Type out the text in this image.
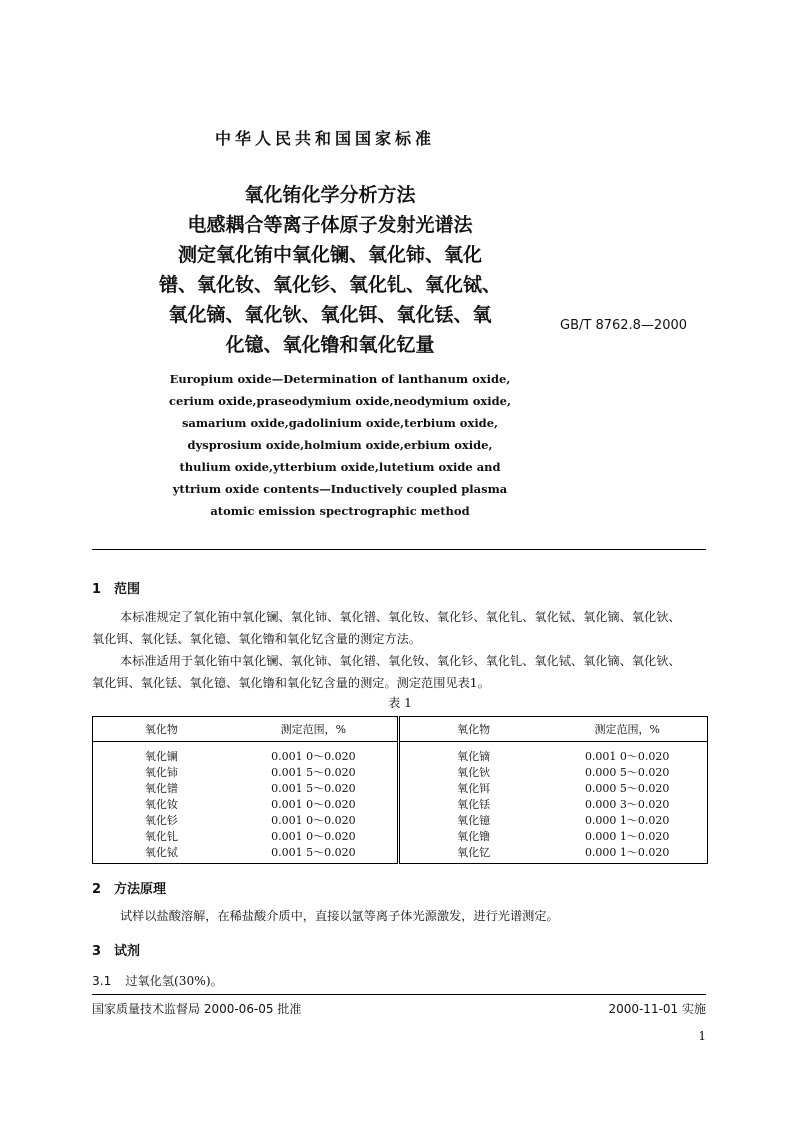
中华人民共和国国家标准
氧化铕化学分析方法
电感耦合等离子体原子发射光谱法
测定氧化铕中氧化镧、氧化铈、氧化
镨、氧化钕、氧化钐、氧化钆、氧化铽、
氧化镝、氧化钬、氧化铒、氧化铥、氧
化镱、氧化镥和氧化钇量
GB/T 8762.8—2000
Europium oxide—Determination of lanthanum oxide,
cerium oxide,praseodymium oxide,neodymium oxide,
samarium oxide,gadolinium oxide,terbium oxide,
dysprosium oxide,holmium oxide,erbium oxide,
thulium oxide,ytterbium oxide,lutetium oxide and
yttrium oxide contents—Inductively coupled plasma
atomic emission spectrographic method
1　范围
本标准规定了氧化铕中氧化镧、氧化铈、氧化镨、氧化钕、氧化钐、氧化钆、氧化铽、氧化镝、氧化钬、
氧化铒、氧化铥、氧化镱、氧化镥和氧化钇含量的测定方法。
本标准适用于氧化铕中氧化镧、氧化铈、氧化镨、氧化钕、氧化钐、氧化钆、氧化铽、氧化镝、氧化钬、
氧化铒、氧化铥、氧化镱、氧化镥和氧化钇含量的测定。测定范围见表1。
表 1
氧化物	测定范围，%
氧化镧	0.001 0～0.020
氧化铈	0.001 5～0.020
氧化镨	0.001 5～0.020
氧化钕	0.001 0～0.020
氧化钐	0.001 0～0.020
氧化钆	0.001 0～0.020
氧化铽	0.001 5～0.020
氧化物	测定范围，%
氧化镝	0.001 0～0.020
氧化钬	0.000 5～0.020
氧化铒	0.000 5～0.020
氧化铥	0.000 3～0.020
氧化镱	0.000 1～0.020
氧化镥	0.000 1～0.020
氧化钇	0.000 1～0.020
2　方法原理
试样以盐酸溶解，在稀盐酸介质中，直接以氩等离子体光源激发，进行光谱测定。
3　试剂
3.1 过氧化氢(30%)。
国家质量技术监督局 2000-06-05 批准	2000-11-01 实施
1
